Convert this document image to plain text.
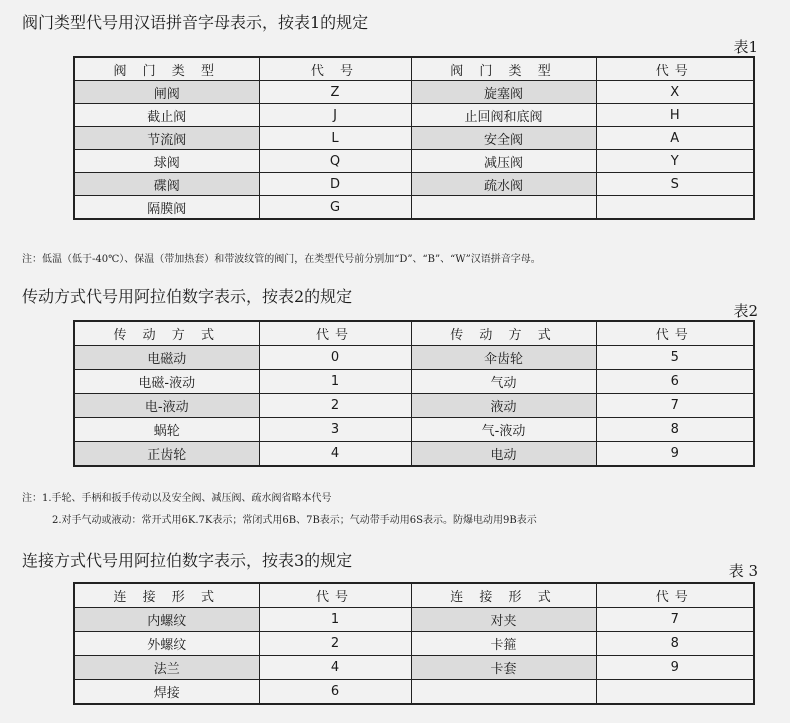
阀门类型代号用汉语拼音字母表示，按表1的规定
表1
阀 门 类 型	代 号	阀 门 类 型	代号
闸阀	Z	旋塞阀	X
截止阀	J	止回阀和底阀	H
节流阀	L	安全阀	A
球阀	Q	减压阀	Y
碟阀	D	疏水阀	S
隔膜阀	G		
注：低温（低于-40℃）、保温（带加热套）和带波纹管的阀门，在类型代号前分别加“D”、“B”、“W”汉语拼音字母。
传动方式代号用阿拉伯数字表示，按表2的规定
表2
传 动 方 式	代号	传 动 方 式	代号
电磁动	0	伞齿轮	5
电磁-液动	1	气动	6
电-液动	2	液动	7
蜗轮	3	气-液动	8
正齿轮	4	电动	9
注：1.手轮、手柄和扳手传动以及安全阀、减压阀、疏水阀省略本代号
2.对手气动或液动：常开式用6K.7K表示；常闭式用6B、7B表示；气动带手动用6S表示。防爆电动用9B表示
连接方式代号用阿拉伯数字表示，按表3的规定
表 3
连 接 形 式	代号	连 接 形 式	代号
内螺纹	1	对夹	7
外螺纹	2	卡箍	8
法兰	4	卡套	9
焊接	6		
